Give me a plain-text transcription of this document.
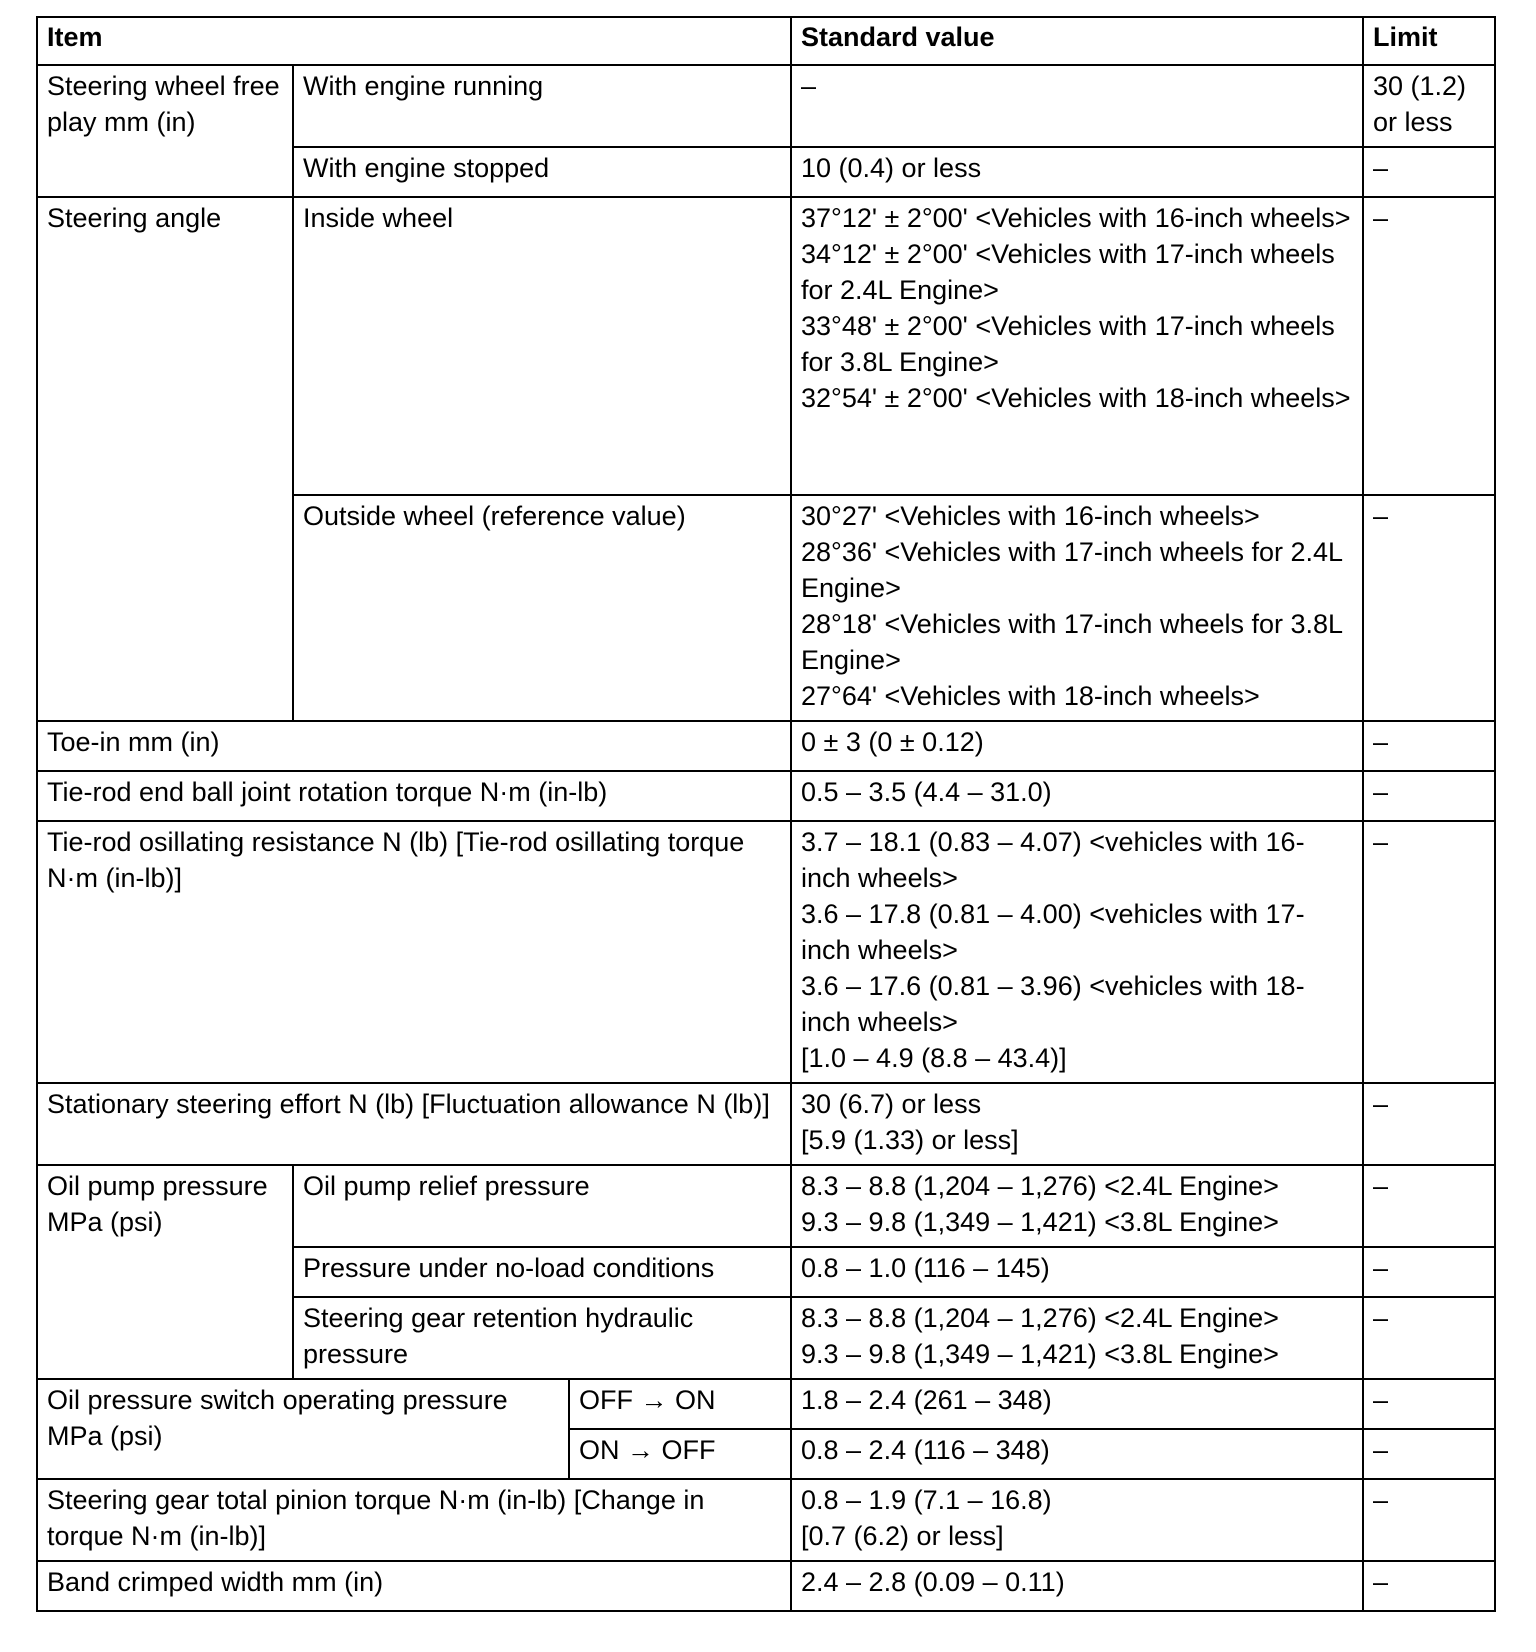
Item			Standard value	Limit
Steering wheel free play mm (in)	With engine running		–	30 (1.2) or less
	With engine stopped		10 (0.4) or less	–
Steering angle	Inside wheel		37°12' ± 2°00' <Vehicles with 16-inch wheels>
34°12' ± 2°00' <Vehicles with 17-inch wheels for 2.4L Engine>
33°48' ± 2°00' <Vehicles with 17-inch wheels for 3.8L Engine>
32°54' ± 2°00' <Vehicles with 18-inch wheels>	–
	Outside wheel (reference value)		30°27' <Vehicles with 16-inch wheels>
28°36' <Vehicles with 17-inch wheels for 2.4L Engine>
28°18' <Vehicles with 17-inch wheels for 3.8L Engine>
27°64' <Vehicles with 18-inch wheels>	–
Toe-in mm (in)			0 ± 3 (0 ± 0.12)	–
Tie-rod end ball joint rotation torque N·m (in-lb)			0.5 – 3.5 (4.4 – 31.0)	–
Tie-rod osillating resistance N (lb) [Tie-rod osillating torque N·m (in-lb)]			3.7 – 18.1 (0.83 – 4.07) <vehicles with 16-inch wheels>
3.6 – 17.8 (0.81 – 4.00) <vehicles with 17-inch wheels>
3.6 – 17.6 (0.81 – 3.96) <vehicles with 18-inch wheels>
[1.0 – 4.9 (8.8 – 43.4)]	–
Stationary steering effort N (lb) [Fluctuation allowance N (lb)]			30 (6.7) or less
[5.9 (1.33) or less]	–
Oil pump pressure MPa (psi)	Oil pump relief pressure		8.3 – 8.8 (1,204 – 1,276) <2.4L Engine>
9.3 – 9.8 (1,349 – 1,421) <3.8L Engine>	–
	Pressure under no-load conditions		0.8 – 1.0 (116 – 145)	–
	Steering gear retention hydraulic pressure		8.3 – 8.8 (1,204 – 1,276) <2.4L Engine>
9.3 – 9.8 (1,349 – 1,421) <3.8L Engine>	–
Oil pressure switch operating pressure MPa (psi)		OFF → ON	1.8 – 2.4 (261 – 348)	–
		ON → OFF	0.8 – 2.4 (116 – 348)	–
Steering gear total pinion torque N·m (in-lb) [Change in torque N·m (in-lb)]			0.8 – 1.9 (7.1 – 16.8)
[0.7 (6.2) or less]	–
Band crimped width mm (in)			2.4 – 2.8 (0.09 – 0.11)	–
